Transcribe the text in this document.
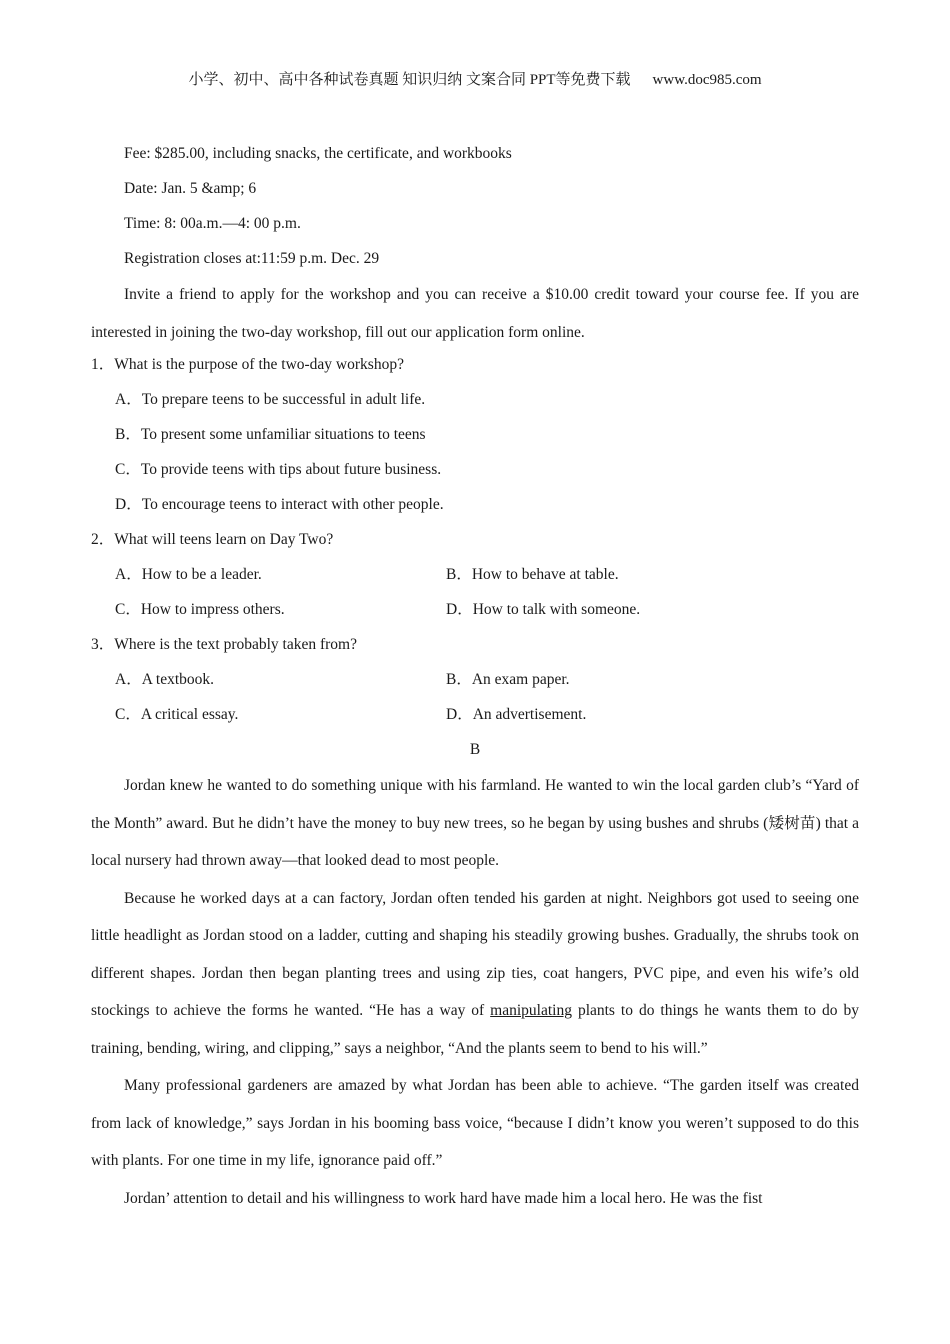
小学、初中、高中各种试卷真题 知识归纳 文案合同 PPT等免费下载 www.doc985.com
Fee: $285.00, including snacks, the certificate, and workbooks
Date: Jan. 5 &amp; 6
Time: 8: 00a.m.—4: 00 p.m.
Registration closes at:11:59 p.m. Dec. 29

Invite a friend to apply for the workshop and you can receive a $10.00 credit toward your course fee. If you are interested in joining the two-day workshop, fill out our application form online.

1．What is the purpose of the two-day workshop?
A．To prepare teens to be successful in adult life.
B．To present some unfamiliar situations to teens
C．To provide teens with tips about future business.
D．To encourage teens to interact with other people.
2．What will teens learn on Day Two?
A．How to be a leader.	B．How to behave at table.
C．How to impress others.	D．How to talk with someone.
3．Where is the text probably taken from?
A．A textbook.	B．An exam paper.
C．A critical essay.	D．An advertisement.
B

Jordan knew he wanted to do something unique with his farmland. He wanted to win the local garden club’s “Yard of the Month” award. But he didn’t have the money to buy new trees, so he began by using bushes and shrubs (矮树苗) that a local nursery had thrown away—that looked dead to most people.

Because he worked days at a can factory, Jordan often tended his garden at night. Neighbors got used to seeing one little headlight as Jordan stood on a ladder, cutting and shaping his steadily growing bushes. Gradually, the shrubs took on different shapes. Jordan then began planting trees and using zip ties, coat hangers, PVC pipe, and even his wife’s old stockings to achieve the forms he wanted. “He has a way of manipulating plants to do things he wants them to do by training, bending, wiring, and clipping,” says a neighbor, “And the plants seem to bend to his will.”

Many professional gardeners are amazed by what Jordan has been able to achieve. “The garden itself was created from lack of knowledge,” says Jordan in his booming bass voice, “because I didn’t know you weren’t supposed to do this with plants. For one time in my life, ignorance paid off.”

Jordan’ attention to detail and his willingness to work hard have made him a local hero. He was the fist
